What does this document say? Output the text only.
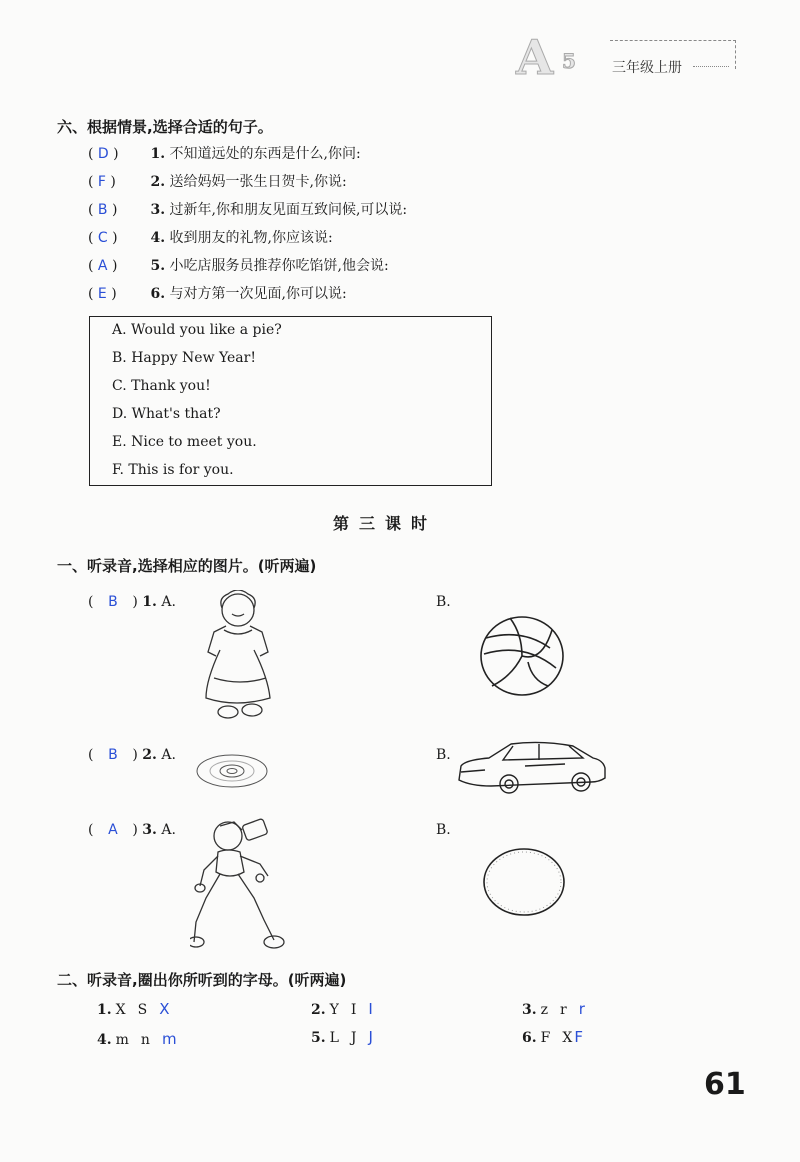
A 5	三年级上册
六、根据情景,选择合适的句子。
( D ) 1. 不知道远处的东西是什么,你问:
( F ) 2. 送给妈妈一张生日贺卡,你说:
( B ) 3. 过新年,你和朋友见面互致问候,可以说:
( C ) 4. 收到朋友的礼物,你应该说:
( A ) 5. 小吃店服务员推荐你吃馅饼,他会说:
( E ) 6. 与对方第一次见面,你可以说:
A. Would you like a pie?
B. Happy New Year!
C. Thank you!
D. What's that?
E. Nice to meet you.
F. This is for you.
第三课时
一、听录音,选择相应的图片。(听两遍)
( B ) 1. A.	B.
( B ) 2. A.	B.
( A ) 3. A.	B.
二、听录音,圈出你所听到的字母。(听两遍)
1. X S X	2. Y I I	3. z r r
4. m n m	5. L J J	6. F X F
61
